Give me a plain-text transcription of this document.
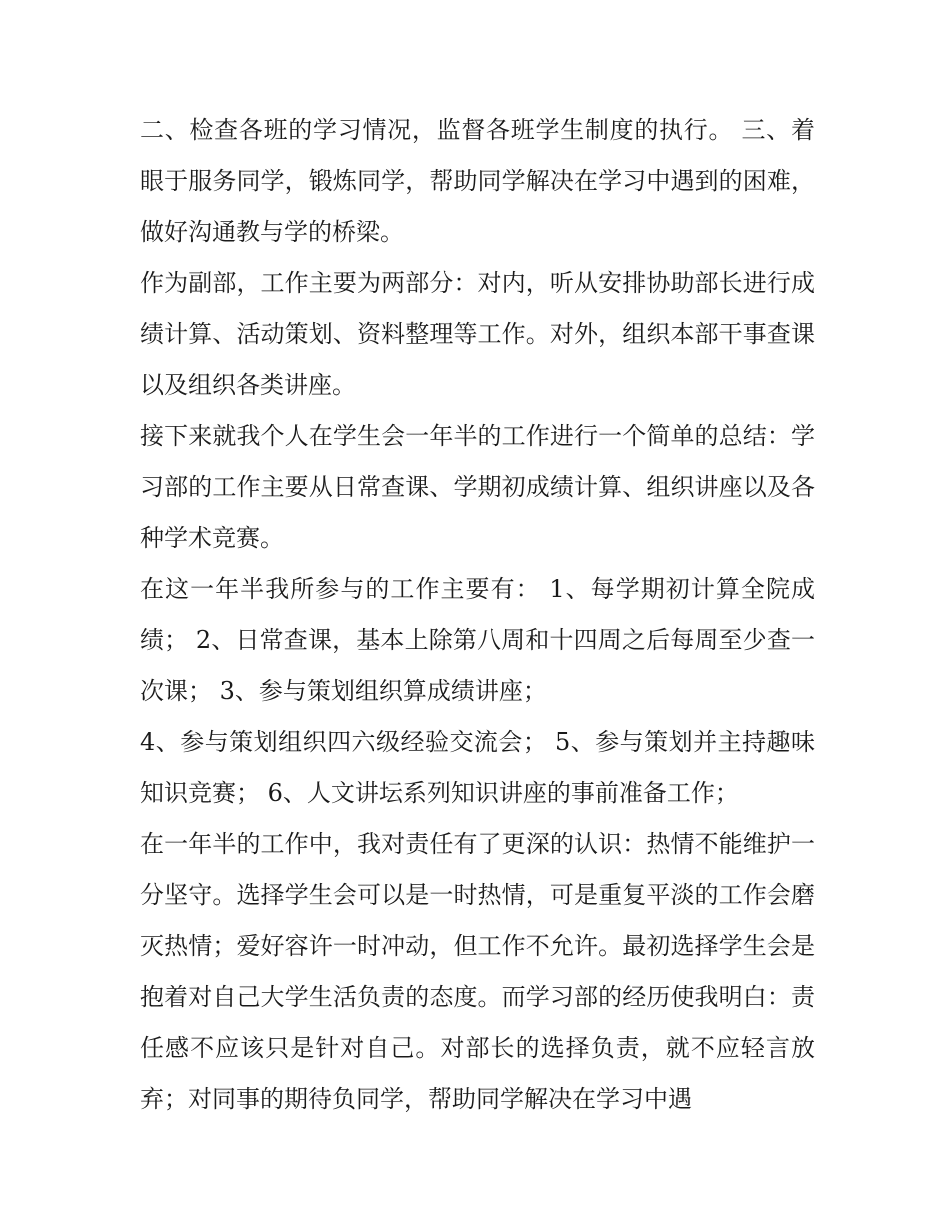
二、检查各班的学习情况，监督各班学生制度的执行。 三、着眼于服务同学，锻炼同学，帮助同学解决在学习中遇到的困难，做好沟通教与学的桥梁。

作为副部，工作主要为两部分：对内，听从安排协助部长进行成绩计算、活动策划、资料整理等工作。对外，组织本部干事查课以及组织各类讲座。

接下来就我个人在学生会一年半的工作进行一个简单的总结：学习部的工作主要从日常查课、学期初成绩计算、组织讲座以及各种学术竞赛。

在这一年半我所参与的工作主要有： 1、每学期初计算全院成绩； 2、日常查课，基本上除第八周和十四周之后每周至少查一次课； 3、参与策划组织算成绩讲座；

4、参与策划组织四六级经验交流会； 5、参与策划并主持趣味知识竞赛； 6、人文讲坛系列知识讲座的事前准备工作；

在一年半的工作中，我对责任有了更深的认识：热情不能维护一分坚守。选择学生会可以是一时热情，可是重复平淡的工作会磨灭热情；爱好容许一时冲动，但工作不允许。最初选择学生会是抱着对自己大学生活负责的态度。而学习部的经历使我明白：责任感不应该只是针对自己。对部长的选择负责，就不应轻言放弃；对同事的期待负同学，帮助同学解决在学习中遇
